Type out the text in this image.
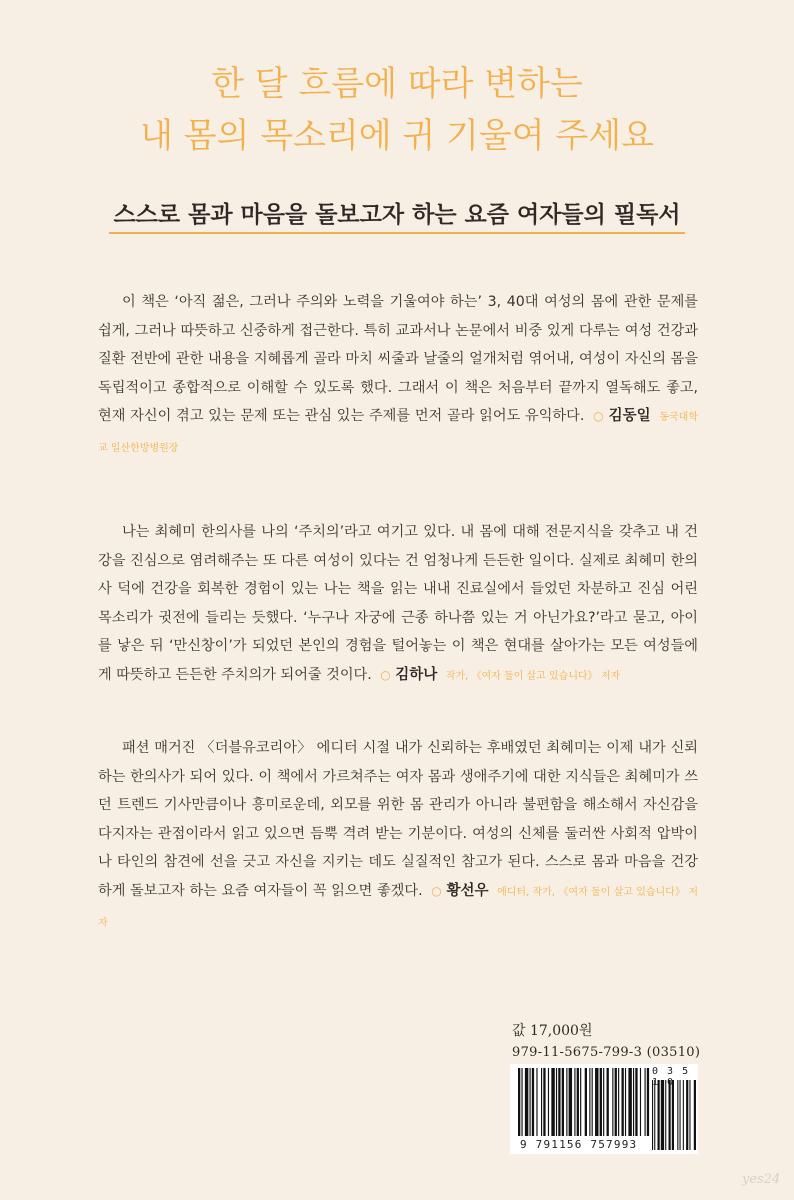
한 달 흐름에 따라 변하는
내 몸의 목소리에 귀 기울여 주세요
스스로 몸과 마음을 돌보고자 하는 요즘 여자들의 필독서
이 책은 ‘아직 젊은, 그러나 주의와 노력을 기울여야 하는’ 3, 40대 여성의 몸에 관한 문제를 쉽게, 그러나 따뜻하고 신중하게 접근한다. 특히 교과서나 논문에서 비중 있게 다루는 여성 건강과 질환 전반에 관한 내용을 지혜롭게 골라 마치 씨줄과 날줄의 얼개처럼 엮어내, 여성이 자신의 몸을 독립적이고 종합적으로 이해할 수 있도록 했다. 그래서 이 책은 처음부터 끝까지 열독해도 좋고, 현재 자신이 겪고 있는 문제 또는 관심 있는 주제를 먼저 골라 읽어도 유익하다. ○ 김동일 동국대학교 일산한방병원장
나는 최혜미 한의사를 나의 ‘주치의’라고 여기고 있다. 내 몸에 대해 전문지식을 갖추고 내 건강을 진심으로 염려해주는 또 다른 여성이 있다는 건 엄청나게 든든한 일이다. 실제로 최혜미 한의사 덕에 건강을 회복한 경험이 있는 나는 책을 읽는 내내 진료실에서 들었던 차분하고 진심 어린 목소리가 귓전에 들리는 듯했다. ‘누구나 자궁에 근종 하나쯤 있는 거 아닌가요?’라고 묻고, 아이를 낳은 뒤 ‘만신창이’가 되었던 본인의 경험을 털어놓는 이 책은 현대를 살아가는 모든 여성들에게 따뜻하고 든든한 주치의가 되어줄 것이다. ○ 김하나 작가, 《여자 둘이 살고 있습니다》 저자
패션 매거진 〈더블유코리아〉 에디터 시절 내가 신뢰하는 후배였던 최혜미는 이제 내가 신뢰하는 한의사가 되어 있다. 이 책에서 가르쳐주는 여자 몸과 생애주기에 대한 지식들은 최혜미가 쓰던 트렌드 기사만큼이나 흥미로운데, 외모를 위한 몸 관리가 아니라 불편함을 해소해서 자신감을 다지자는 관점이라서 읽고 있으면 듬뿍 격려 받는 기분이다. 여성의 신체를 둘러싼 사회적 압박이나 타인의 참견에 선을 긋고 자신을 지키는 데도 실질적인 참고가 된다. 스스로 몸과 마음을 건강하게 돌보고자 하는 요즘 여자들이 꼭 읽으면 좋겠다. ○ 황선우 에디터, 작가, 《여자 둘이 살고 있습니다》 저자
값 17,000원
979-11-5675-799-3 (03510)
9 791156 757993
0 3 5 1 0
yes24
